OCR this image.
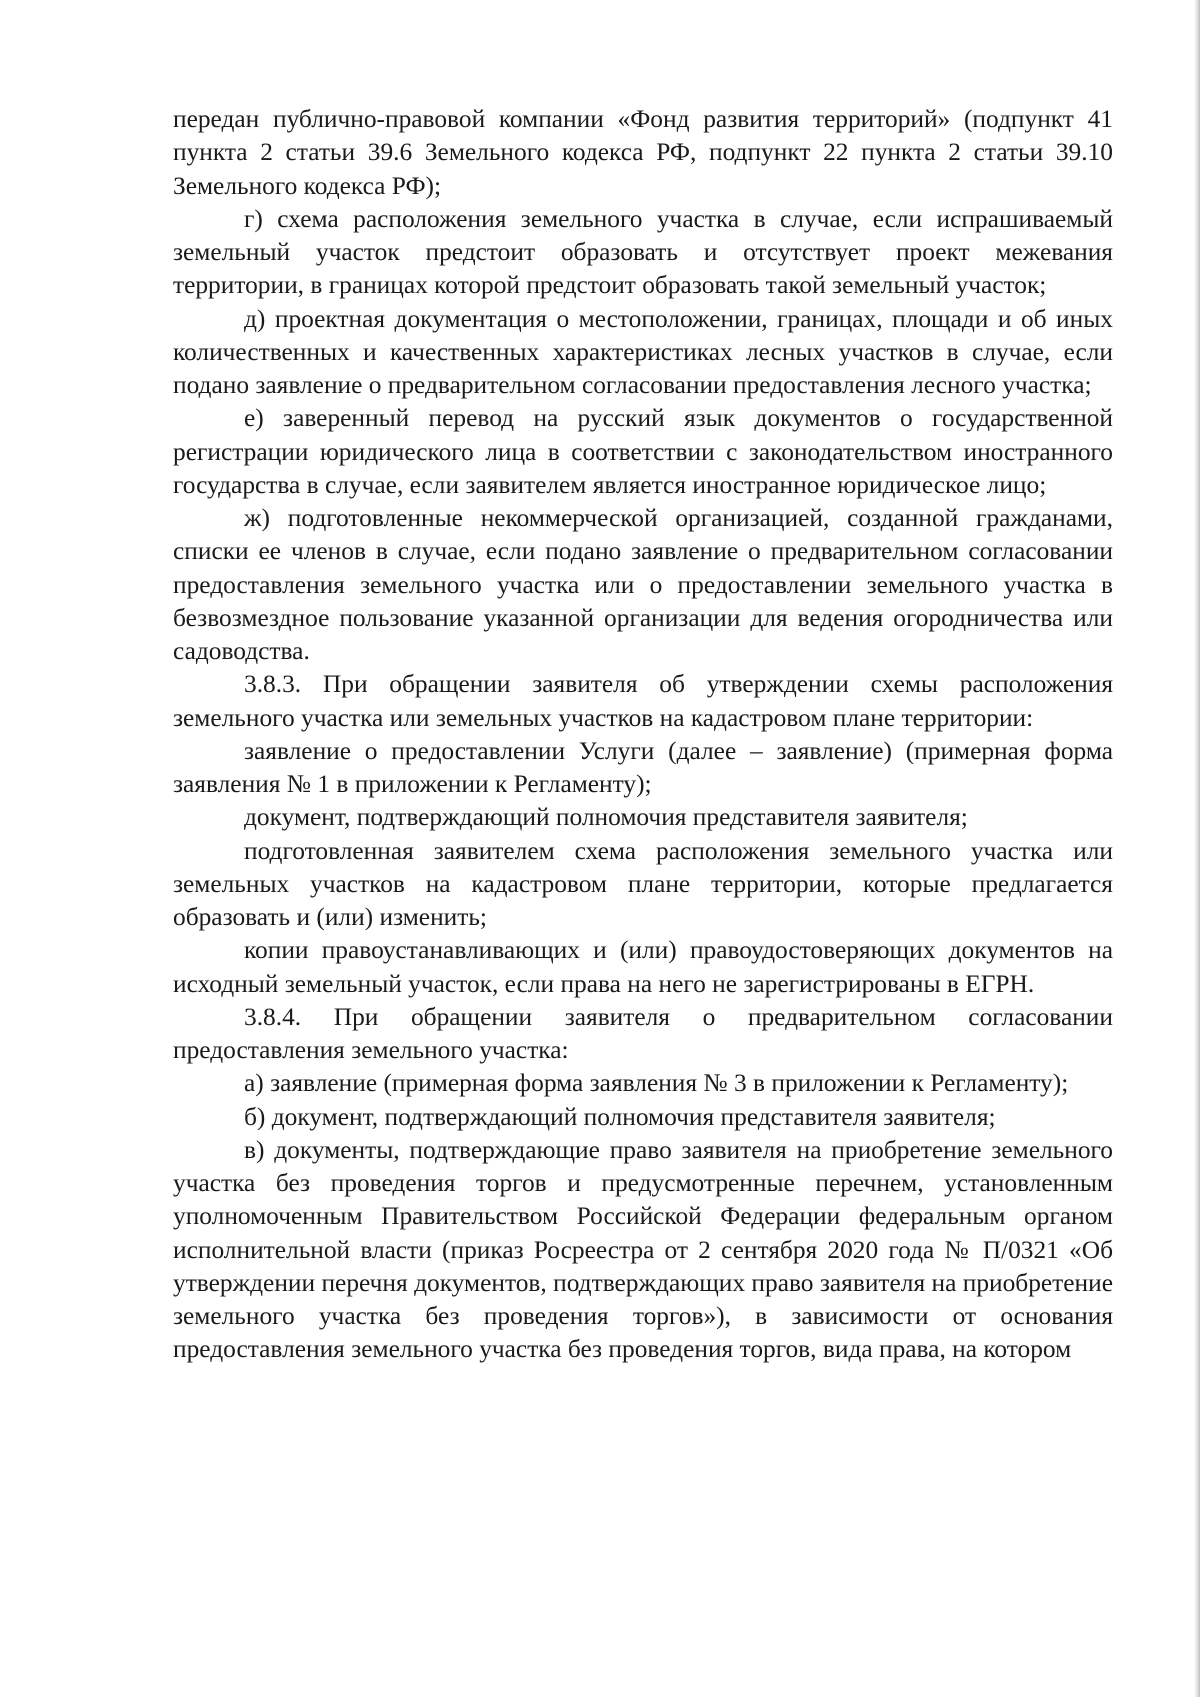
передан публично-правовой компании «Фонд развития территорий» (подпункт 41 пункта 2 статьи 39.6 Земельного кодекса РФ, подпункт 22 пункта 2 статьи 39.10 Земельного кодекса РФ);

г) схема расположения земельного участка в случае, если испрашиваемый земельный участок предстоит образовать и отсутствует проект межевания территории, в границах которой предстоит образовать такой земельный участок;

д) проектная документация о местоположении, границах, площади и об иных количественных и качественных характеристиках лесных участков в случае, если подано заявление о предварительном согласовании предоставления лесного участка;

е) заверенный перевод на русский язык документов о государственной регистрации юридического лица в соответствии с законодательством иностранного государства в случае, если заявителем является иностранное юридическое лицо;

ж) подготовленные некоммерческой организацией, созданной гражданами, списки ее членов в случае, если подано заявление о предварительном согласовании предоставления земельного участка или о предоставлении земельного участка в безвозмездное пользование указанной организации для ведения огородничества или садоводства.

3.8.3. При обращении заявителя об утверждении схемы расположения земельного участка или земельных участков на кадастровом плане территории:

заявление о предоставлении Услуги (далее – заявление) (примерная форма заявления № 1 в приложении к Регламенту);

документ, подтверждающий полномочия представителя заявителя;

подготовленная заявителем схема расположения земельного участка или земельных участков на кадастровом плане территории, которые предлагается образовать и (или) изменить;

копии правоустанавливающих и (или) правоудостоверяющих документов на исходный земельный участок, если права на него не зарегистрированы в ЕГРН.

3.8.4. При обращении заявителя о предварительном согласовании предоставления земельного участка:

а) заявление (примерная форма заявления № 3 в приложении к Регламенту);

б) документ, подтверждающий полномочия представителя заявителя;

в) документы, подтверждающие право заявителя на приобретение земельного участка без проведения торгов и предусмотренные перечнем, установленным уполномоченным Правительством Российской Федерации федеральным органом исполнительной власти (приказ Росреестра от 2 сентября 2020 года № П/0321 «Об утверждении перечня документов, подтверждающих право заявителя на приобретение земельного участка без проведения торгов»), в зависимости от основания предоставления земельного участка без проведения торгов, вида права, на котором
